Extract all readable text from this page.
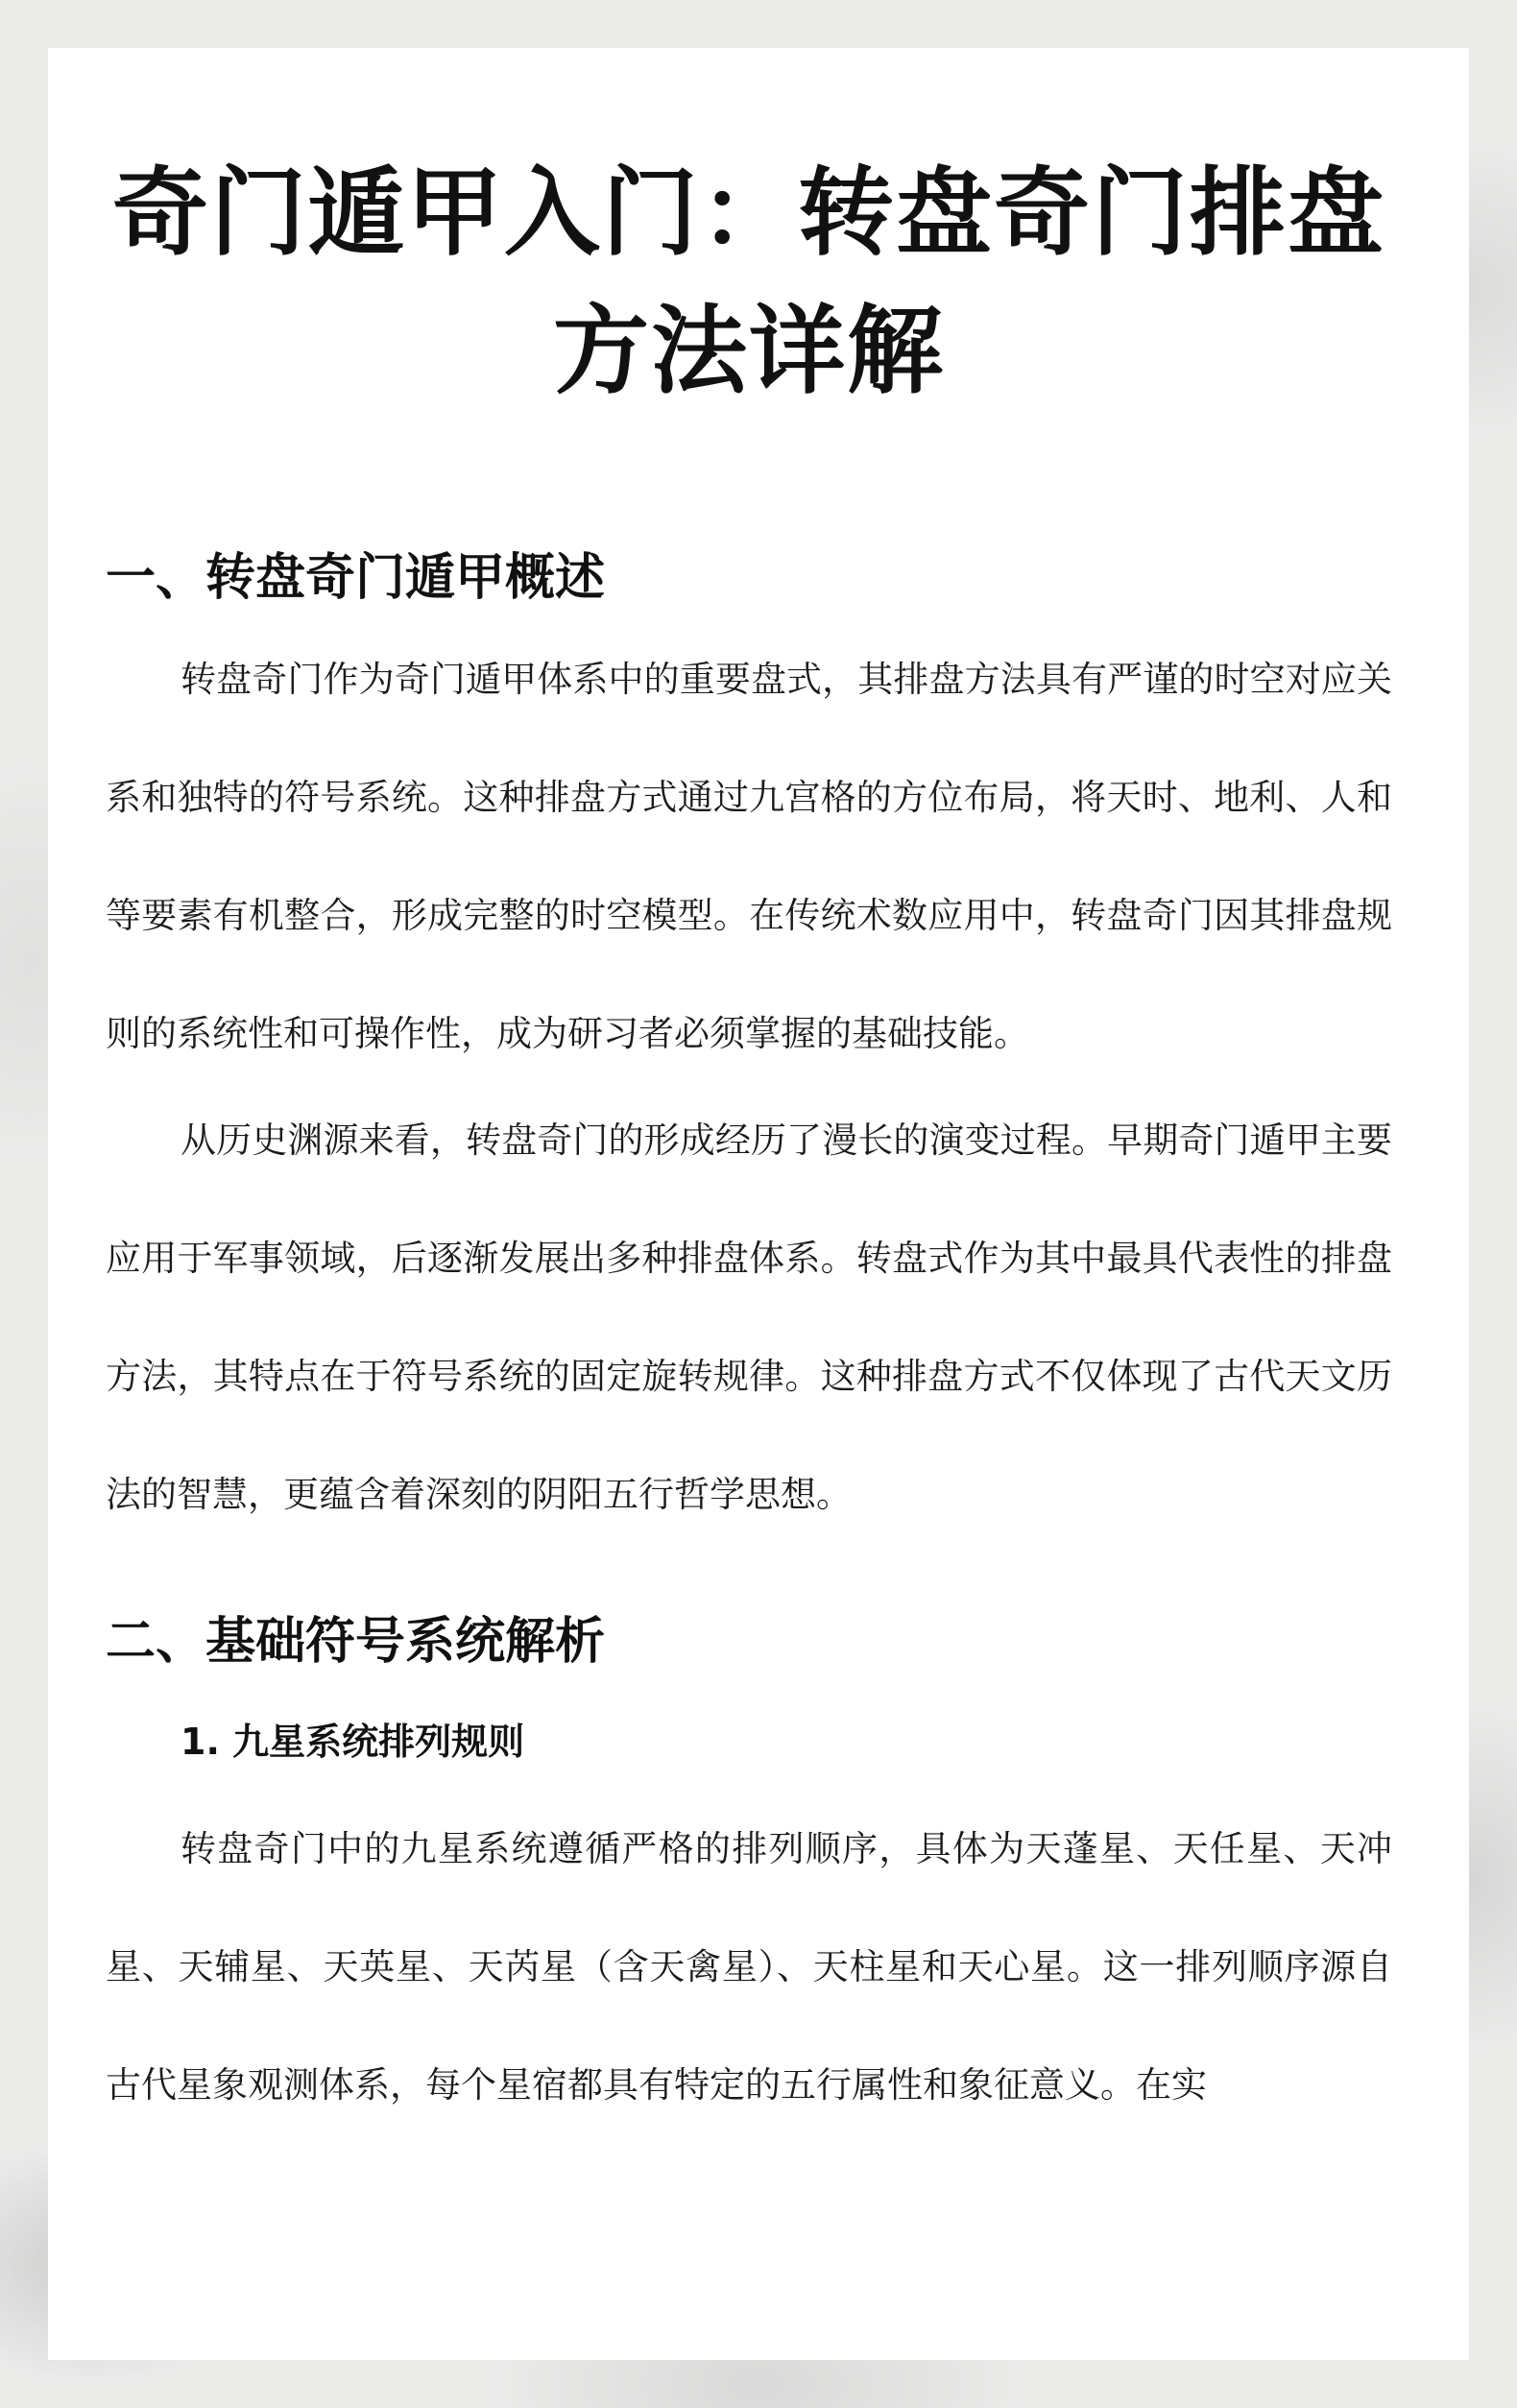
奇门遁甲入门：转盘奇门排盘方法详解
一、转盘奇门遁甲概述

转盘奇门作为奇门遁甲体系中的重要盘式，其排盘方法具有严谨的时空对应关系和独特的符号系统。这种排盘方式通过九宫格的方位布局，将天时、地利、人和等要素有机整合，形成完整的时空模型。在传统术数应用中，转盘奇门因其排盘规则的系统性和可操作性，成为研习者必须掌握的基础技能。

从历史渊源来看，转盘奇门的形成经历了漫长的演变过程。早期奇门遁甲主要应用于军事领域，后逐渐发展出多种排盘体系。转盘式作为其中最具代表性的排盘方法，其特点在于符号系统的固定旋转规律。这种排盘方式不仅体现了古代天文历法的智慧，更蕴含着深刻的阴阳五行哲学思想。

二、基础符号系统解析
1. 九星系统排列规则

转盘奇门中的九星系统遵循严格的排列顺序，具体为天蓬星、天任星、天冲星、天辅星、天英星、天芮星（含天禽星）、天柱星和天心星。这一排列顺序源自古代星象观测体系，每个星宿都具有特定的五行属性和象征意义。在实
